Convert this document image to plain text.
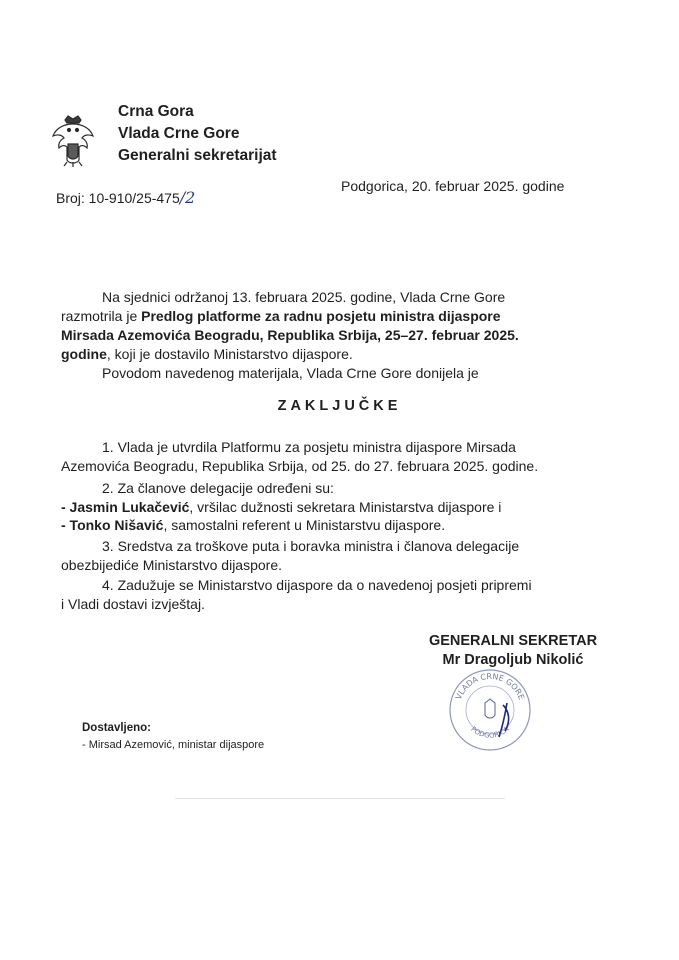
Crna Gora
Vlada Crne Gore
Generalni sekretarijat
Broj: 10-910/25-475/2
Podgorica, 20. februar 2025. godine
Na sjednici održanoj 13. februara 2025. godine, Vlada Crne Gore
razmotrila je Predlog platforme za radnu posjetu ministra dijaspore
Mirsada Azemovića Beogradu, Republika Srbija, 25–27. februar 2025.
godine, koji je dostavilo Ministarstvo dijaspore.
Povodom navedenog materijala, Vlada Crne Gore donijela je
ZAKLJUČKE
1. Vlada je utvrdila Platformu za posjetu ministra dijaspore Mirsada
Azemovića Beogradu, Republika Srbija, od 25. do 27. februara 2025. godine.
2. Za članove delegacije određeni su:
- Jasmin Lukačević, vršilac dužnosti sekretara Ministarstva dijaspore i
- Tonko Nišavić, samostalni referent u Ministarstvu dijaspore.
3. Sredstva za troškove puta i boravka ministra i članova delegacije
obezbijediće Ministarstvo dijaspore.
4. Zadužuje se Ministarstvo dijaspore da o navedenoj posjeti pripremi
i Vladi dostavi izvještaj.
GENERALNI SEKRETAR
Mr Dragoljub Nikolić
VLADA CRNE GORE
PODGORICA
Dostavljeno:
- Mirsad Azemović, ministar dijaspore
